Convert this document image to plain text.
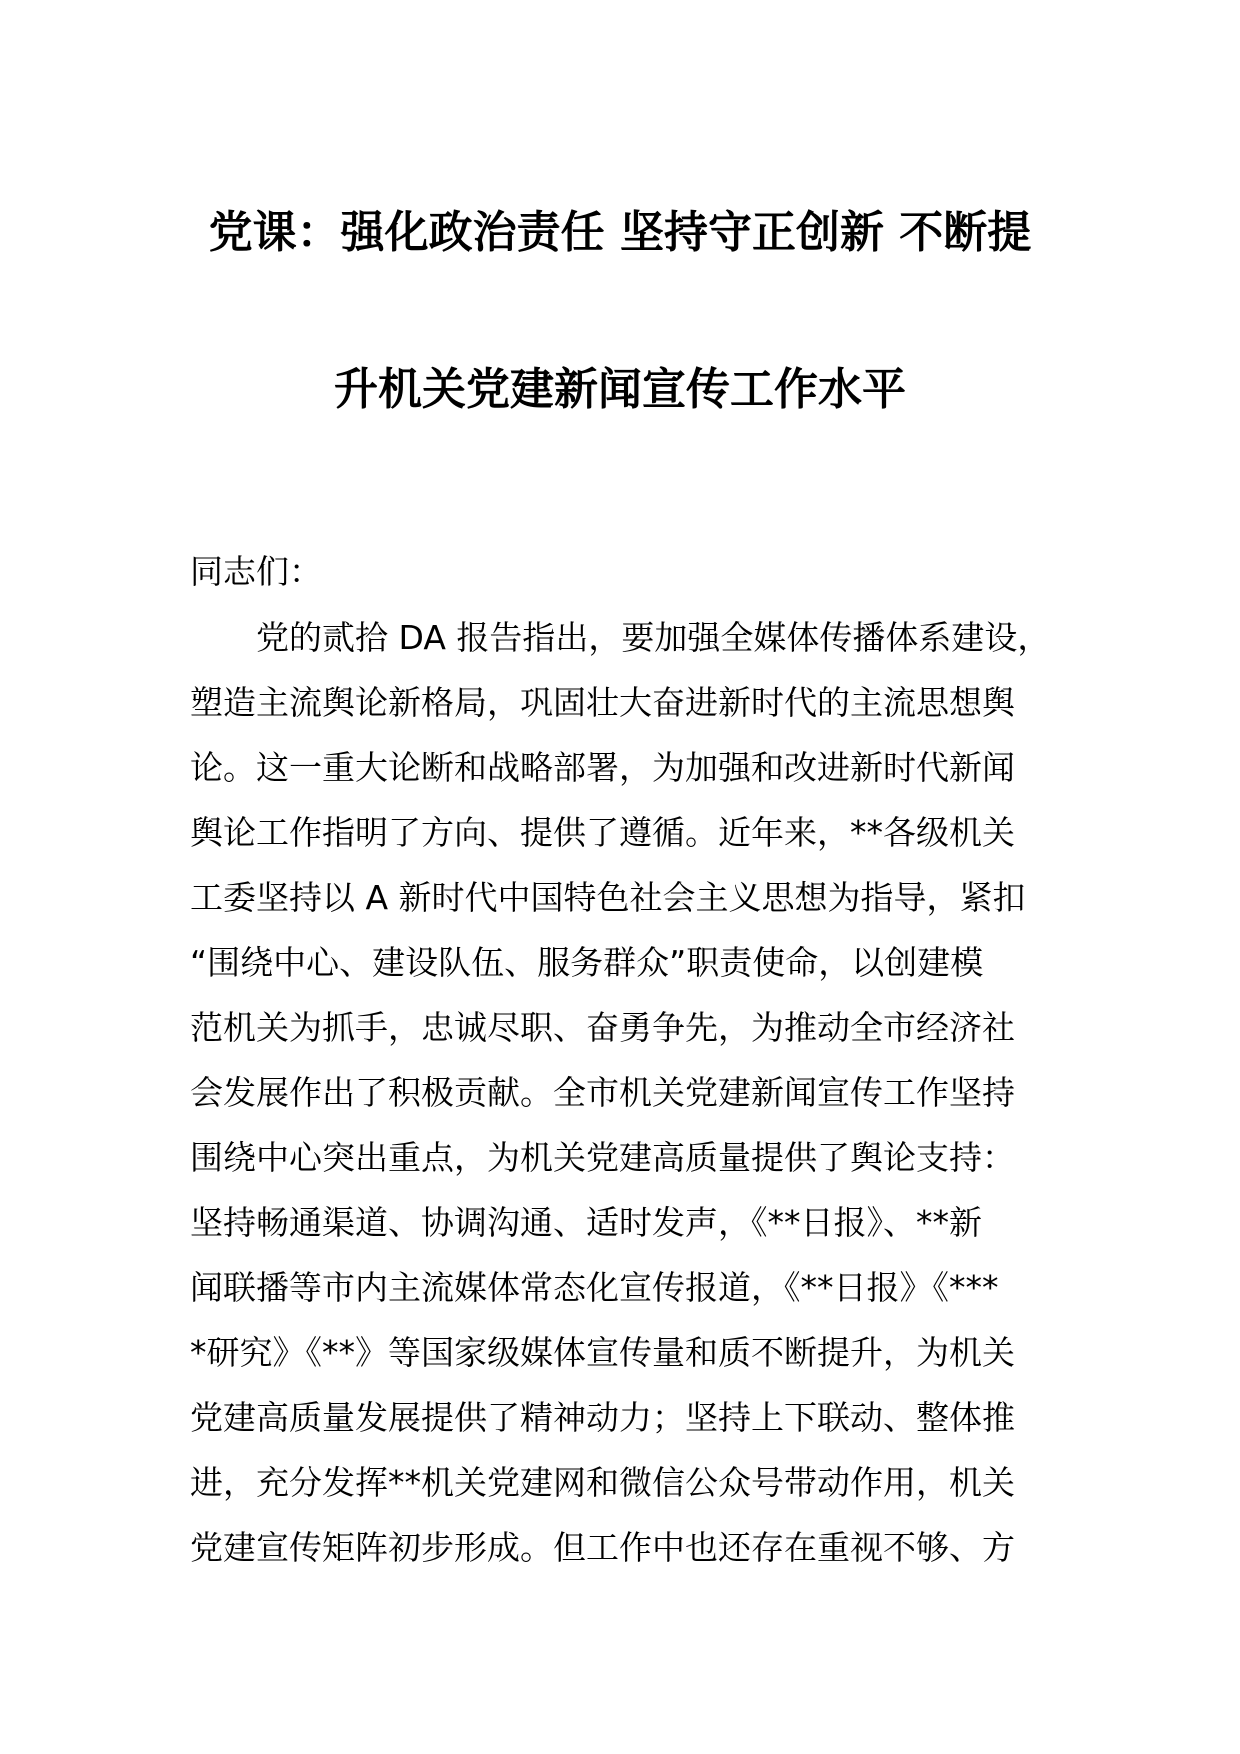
党课：强化政治责任 坚持守正创新 不断提
升机关党建新闻宣传工作水平
同志们：
　　党的贰拾 DA 报告指出，要加强全媒体传播体系建设，
塑造主流舆论新格局，巩固壮大奋进新时代的主流思想舆
论。这一重大论断和战略部署，为加强和改进新时代新闻
舆论工作指明了方向、提供了遵循。近年来，**各级机关
工委坚持以 A 新时代中国特色社会主义思想为指导，紧扣
“围绕中心、建设队伍、服务群众”职责使命，以创建模
范机关为抓手，忠诚尽职、奋勇争先，为推动全市经济社
会发展作出了积极贡献。全市机关党建新闻宣传工作坚持
围绕中心突出重点，为机关党建高质量提供了舆论支持：
坚持畅通渠道、协调沟通、适时发声，《**日报》、**新
闻联播等市内主流媒体常态化宣传报道，《**日报》《***
*研究》《**》等国家级媒体宣传量和质不断提升，为机关
党建高质量发展提供了精神动力；坚持上下联动、整体推
进，充分发挥**机关党建网和微信公众号带动作用，机关
党建宣传矩阵初步形成。但工作中也还存在重视不够、方
